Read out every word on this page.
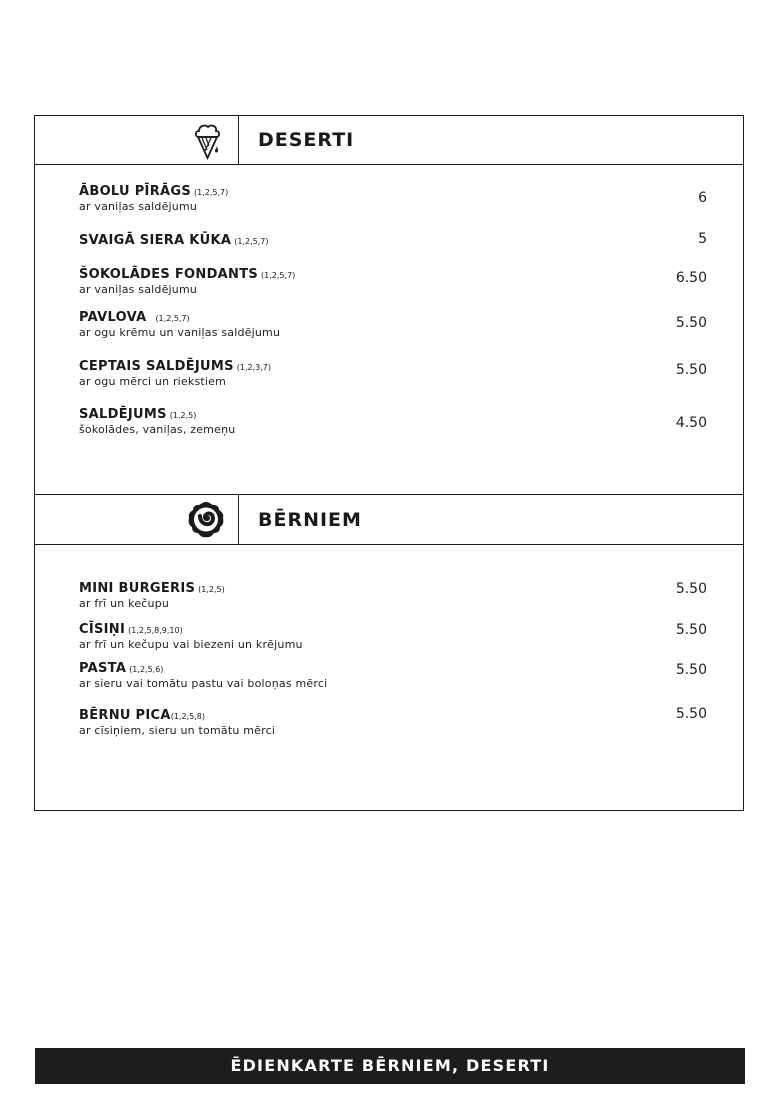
DESERTI
ĀBOLU PĪRĀGS (1,2,5,7)
ar vaniļas saldējumu
6
SVAIGĀ SIERA KŪKA (1,2,5,7)	5
ŠOKOLĀDES FONDANTS (1,2,5,7)
ar vaniļas saldējumu
6.50
PAVLOVA (1,2,5,7)
ar ogu krēmu un vaniļas saldējumu
5.50
CEPTAIS SALDĒJUMS (1,2,3,7)
ar ogu mērci un riekstiem
5.50
SALDĒJUMS (1,2,5)
šokolādes, vaniļas, zemeņu	4.50
BĒRNIEM
MINI BURGERIS (1,2,5)
ar frī un kečupu
5.50
CĪSIŅI (1,2,5,8,9,10)
ar frī un kečupu vai biezeni un krējumu
5.50
PASTA (1,2,5,6)
ar sieru vai tomātu pastu vai boloņas mērci
5.50
BĒRNU PICA(1,2,5,8)
ar cīsiņiem, sieru un tomātu mērci
5.50
ĒDIENKARTE BĒRNIEM, DESERTI
